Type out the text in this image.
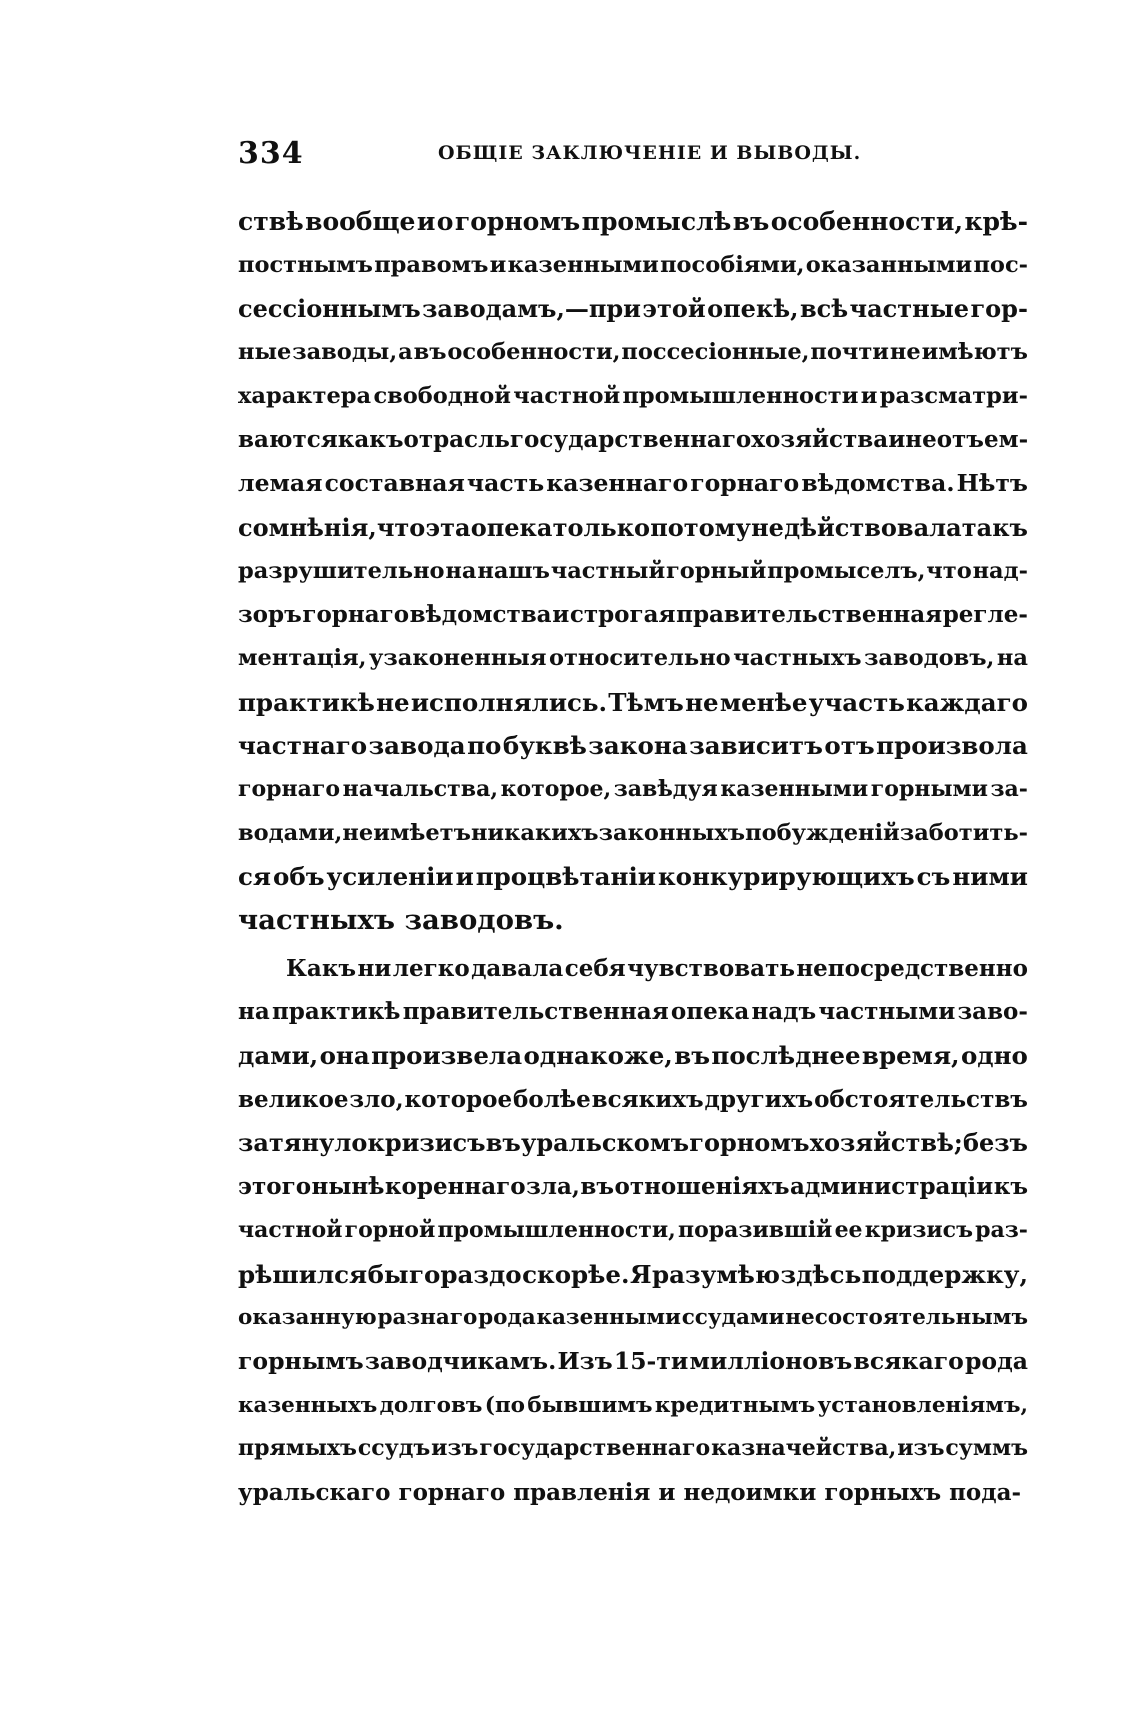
334	ОБЩІЕ ЗАКЛЮЧЕНІЕ И ВЫВОДЫ.
ствѣ вообще и о горномъ промыслѣ въ особенности, крѣ-
постнымъ правомъ и казенными пособіями, оказанными пос-
сессіоннымъ заводамъ,—при этой опекѣ, всѣ частные гор-
ные заводы, а въ особенности, поссесіонные, почти не имѣютъ
характера свободной частной промышленности и разсматри-
ваются какъ отрасль государственнаго хозяйства и неотъем-
лемая составная часть казеннаго горнаго вѣдомства. Нѣтъ
сомнѣнія, что эта опека только потому не дѣйствовала такъ
разрушительно на нашъ частный горный промыселъ, что над-
зоръ горнаго вѣдомства и строгая правительственная регле-
ментація, узаконенныя относительно частныхъ заводовъ, на
практикѣ не исполнялись. Тѣмъ не менѣе участь каждаго
частнаго завода по буквѣ закона зависитъ отъ произвола
горнаго начальства, которое, завѣдуя казенными горными за-
водами, не имѣетъ никакихъ законныхъ побужденій заботить-
ся объ усиленіи и процвѣтаніи конкурирующихъ съ ними
частныхъ заводовъ.
Какъ ни легко давала себя чувствовать непосредственно
на практикѣ правительственная опека надъ частными заво-
дами, она произвела однакоже, въ послѣднее время, одно
великое зло, которое болѣе всякихъ другихъ обстоятельствъ
затянуло кризисъ въ уральскомъ горномъ хозяйствѣ; безъ
этого нынѣ кореннаго зла, въ отношеніяхъ администраціи къ
частной горной промышленности, поразившій ее кризисъ раз-
рѣшился бы гораздо скорѣе. Я разумѣю здѣсь поддержку,
оказанную разнаго рода казенными ссудами несостоятельнымъ
горнымъ заводчикамъ. Изъ 15-ти милліоновъ всякаго рода
казенныхъ долговъ (по бывшимъ кредитнымъ установленіямъ,
прямыхъ ссудъ изъ государственнаго казначейства, изъ суммъ
уральскаго горнаго правленія и недоимки горныхъ пода-
